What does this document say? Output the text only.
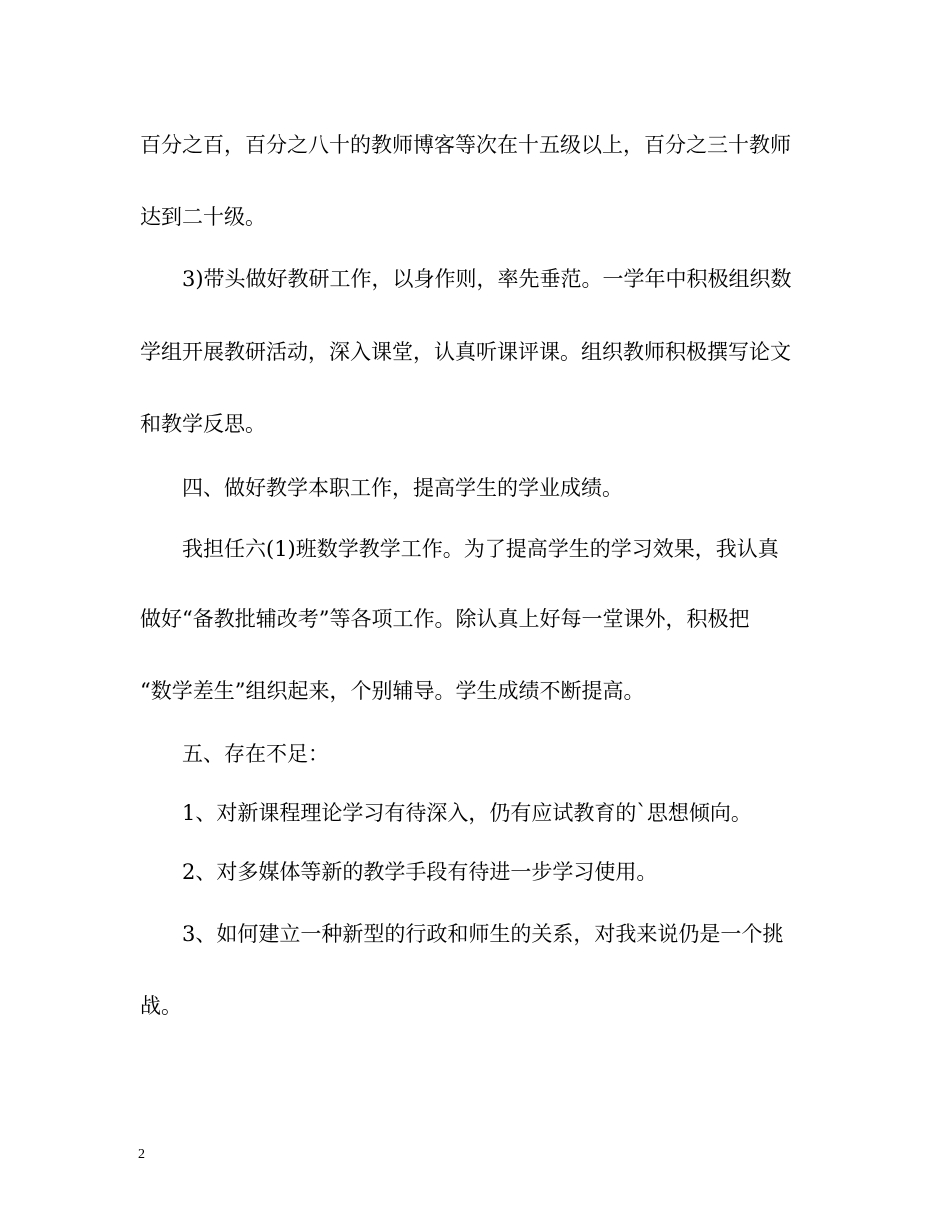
百分之百，百分之八十的教师博客等次在十五级以上，百分之三十教师
达到二十级。
3)带头做好教研工作，以身作则，率先垂范。一学年中积极组织数
学组开展教研活动，深入课堂，认真听课评课。组织教师积极撰写论文
和教学反思。
四、做好教学本职工作，提高学生的学业成绩。
我担任六(1)班数学教学工作。为了提高学生的学习效果，我认真
做好“备教批辅改考”等各项工作。除认真上好每一堂课外，积极把
“数学差生”组织起来，个别辅导。学生成绩不断提高。
五、存在不足：
1、对新课程理论学习有待深入，仍有应试教育的`思想倾向。
2、对多媒体等新的教学手段有待进一步学习使用。
3、如何建立一种新型的行政和师生的关系，对我来说仍是一个挑
战。
2
